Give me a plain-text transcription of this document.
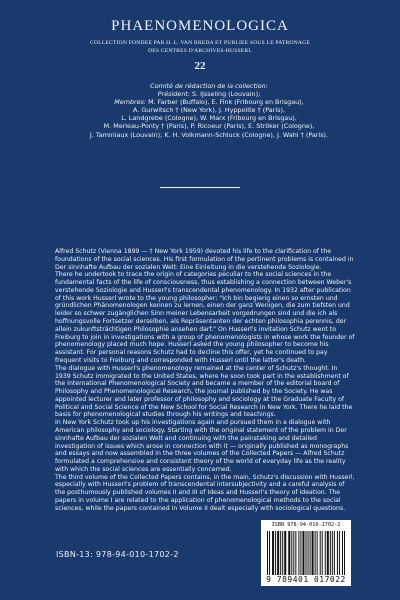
PHAENOMENOLOGICA
COLLECTION FONDEE PAR H. L. VAN BREDA ET PUBLIEE SOUS LE PATRONAGE
DES CENTRES D'ARCHIVES-HUSSERL
22
Comité de rédaction de la collection:
Président: S. IJsseling (Louvain);
Membres: M. Farber (Buffalo), E. Fink (Fribourg en Brisgau),
A. Gurwitsch † (New York), J. Hyppolite † (Paris),
L. Landgrebe (Cologne), W. Marx (Fribourg en Brisgau),
M. Merleau-Ponty † (Paris), P. Ricoeur (Paris), E. Ströker (Cologne),
J. Taminiaux (Louvain); K. H. Volkmann-Schluck (Cologne), J. Wahl † (Paris).

Alfred Schutz (Vienna 1899 — † New York 1959) devoted his life to the clarification of the foundations of the social sciences. His first formulation of the pertinent problems is contained in Der sinnhafte Aufbau der sozialen Welt: Eine Einleitung in die verstehende Soziologie.

There he undertook to trace the origin of categories peculiar to the social sciences in the fundamental facts of the life of consciousness, thus establishing a connection between Weber's verstehende Soziologie and Husserl's transcendental phenomenology. In 1932 after publication of this work Husserl wrote to the young philosopher: "Ich bin begierig einen so ernsten und gründlichen Phänomenologen kennen zu lernen, einen der ganz Wenigen, die zum tiefsten und leider so schwer zugänglichen Sinn meiner Lebensarbeit vorgedrungen sind und die ich als hoffnungsvolle Fortsetzer derselben, als Repräsentanten der echten philosophia perennis, der allein zukunftsträchtigen Philosophie ansehen darf." On Husserl's invitation Schutz went to Freiburg to join in investigations with a group of phenomenologists in whose work the founder of phenomenology placed much hope. Husserl asked the young philosopher to become his assistant. For personal reasons Schutz had to decline this offer, yet he continued to pay frequent visits to Freiburg and corresponded with Husserl until the latter's death.

The dialogue with Husserl's phenomenology remained at the center of Schutz's thought. In 1939 Schutz immigrated to the United States, where he soon took part in the establishment of the International Phenomenological Society and became a member of the editorial board of Philosophy and Phenomenological Research, the journal published by the Society. He was appointed lecturer and later professor of philosophy and sociology at the Graduate Faculty of Political and Social Science of the New School for Social Research in New York. There he laid the basis for phenomenological studies through his writings and teachings.

In New York Schutz took up his investigations again and pursued them in a dialogue with American philosophy and sociology. Starting with the original statement of the problem in Der sinnhafte Aufbau der sozialen Welt and continuing with the painstaking and detailed investigation of issues which arose in connection with it — originally published as monographs and essays and now assembled in the three volumes of the Collected Papers — Alfred Schutz formulated a comprehensive and consistent theory of the world of everyday life as the reality with which the social sciences are essentially concerned.

The third volume of the Collected Papers contains, in the main, Schutz's discussion with Husserl, especially with Husserl's problem of transcendental intersubjectivity and a careful analysis of the posthumously published volumes II and III of Ideas and Husserl's theory of ideation. The papers in volume I are related to the application of phenomenological methods to the social sciences, while the papers contained in Volume II dealt especially with sociological questions.

ISBN-13: 978-94-010-1702-2
ISBN 978-94-010-1702-2
9 789401 017022
